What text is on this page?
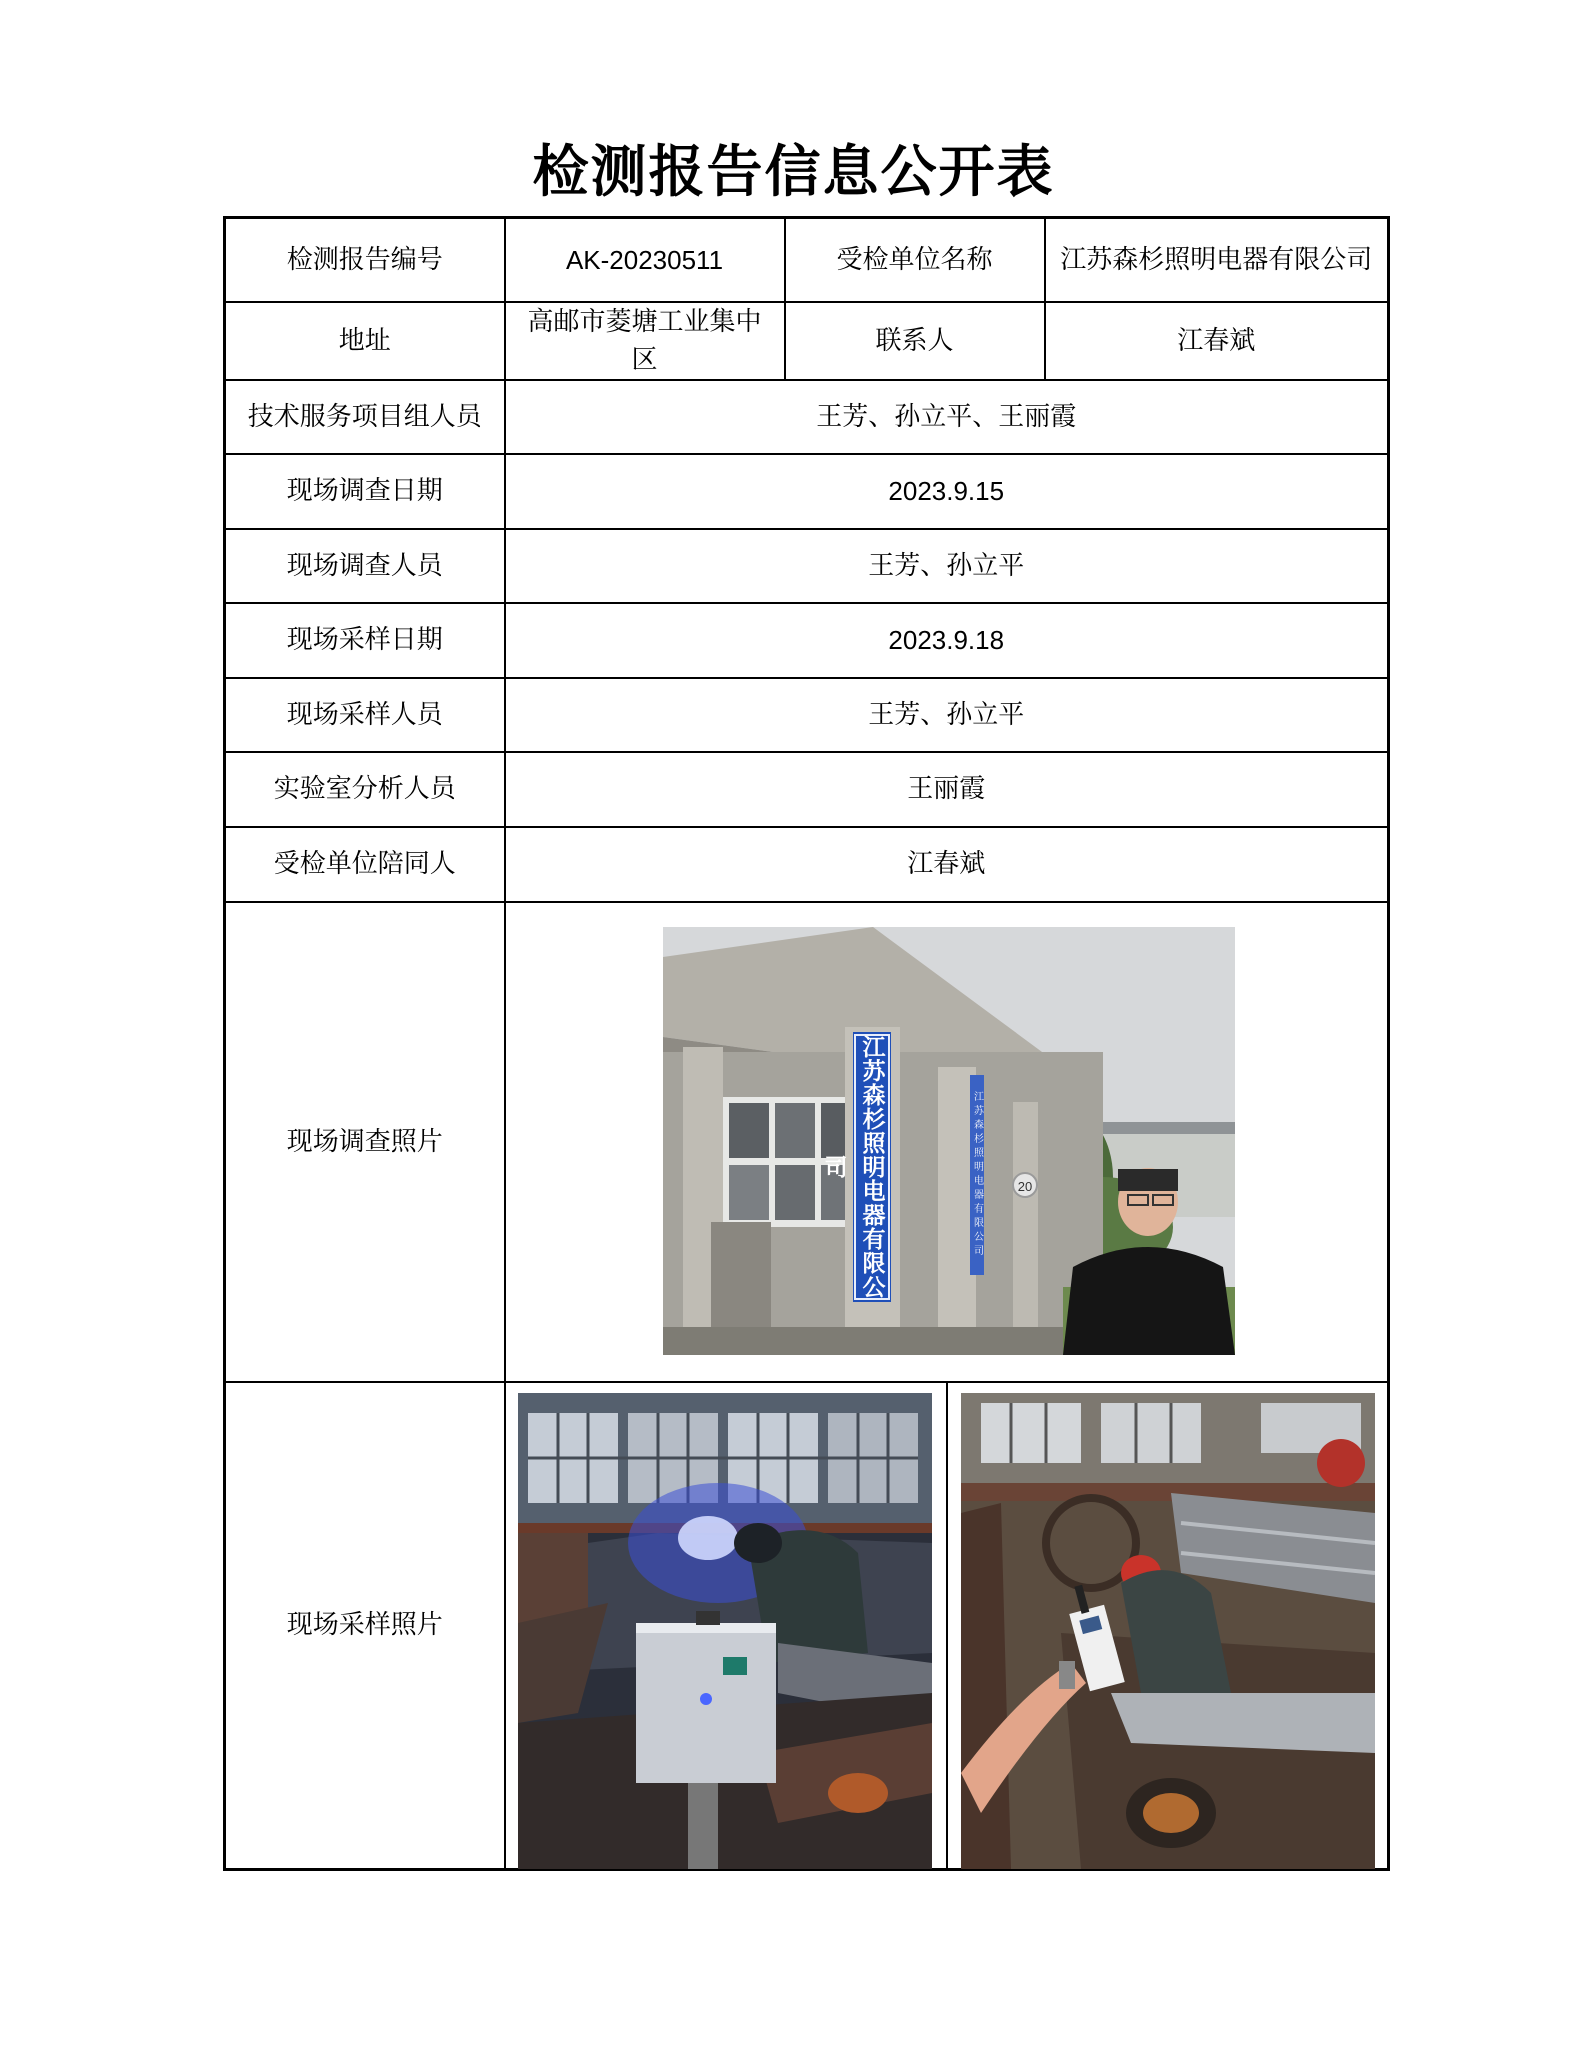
检测报告信息公开表
检测报告编号	AK-20230511	受检单位名称	江苏森杉照明电器有限公司
地址	高邮市菱塘工业集中区	联系人	江春斌
技术服务项目组人员	王芳、孙立平、王丽霞		
现场调查日期	2023.9.15		
现场调查人员	王芳、孙立平		
现场采样日期	2023.9.18		
现场采样人员	王芳、孙立平		
实验室分析人员	王丽霞		
受检单位陪同人	江春斌		
现场调查照片	20
江苏森杉照明电器有限公司 江苏森杉照明电器有限公司		

现场采样照片	
